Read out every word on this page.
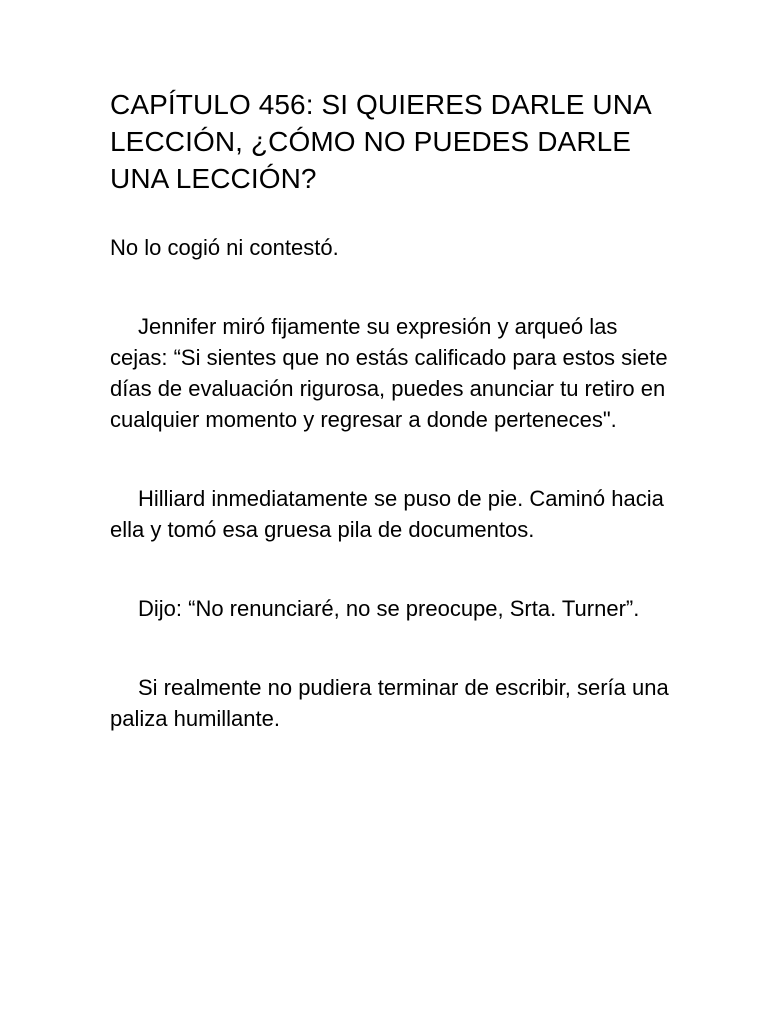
CAPÍTULO 456: SI QUIERES DARLE UNA LECCIÓN, ¿CÓMO NO PUEDES DARLE UNA LECCIÓN?

No lo cogió ni contestó.

Jennifer miró fijamente su expresión y arqueó las cejas: “Si sientes que no estás calificado para estos siete días de evaluación rigurosa, puedes anunciar tu retiro en cualquier momento y regresar a donde perteneces".

Hilliard inmediatamente se puso de pie. Caminó hacia ella y tomó esa gruesa pila de documentos.

Dijo: “No renunciaré, no se preocupe, Srta. Turner”.

Si realmente no pudiera terminar de escribir, sería una paliza humillante.
